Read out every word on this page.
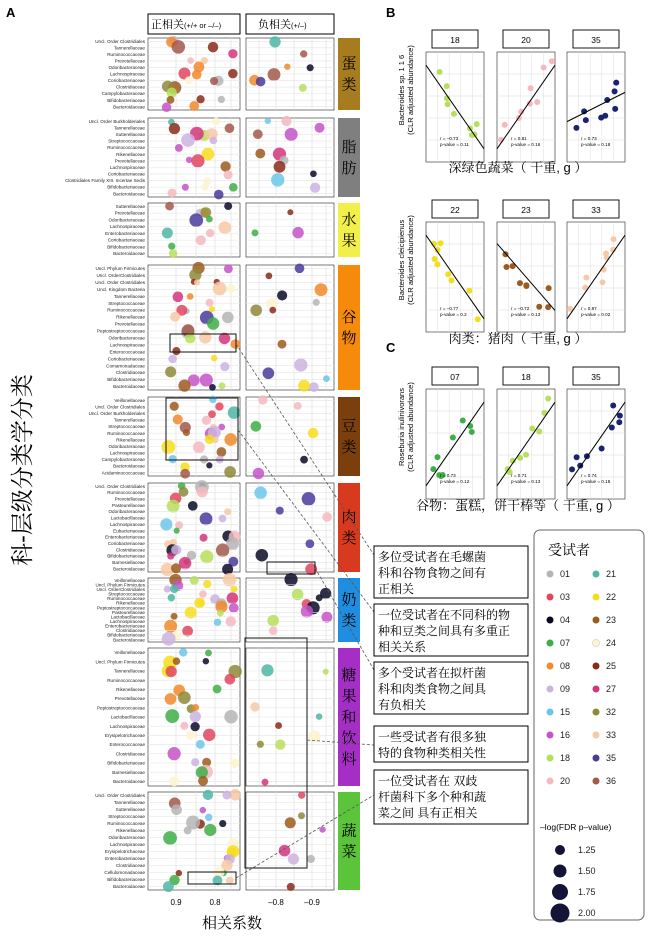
A	B
C
正相关(+/+ or –/–)	负相关(+/–)
科-层级分类学分类
Uncl. Order Clostridiales
Tannerellaceae
Ruminococcaceae
Prevotellaceae
Odoribacteraceae
Lachnospiraceae
Coriobacteriaceae
Clostridiaceae
Campylobacteraceae
Bifidobacteriaceae
Bacteroidaceae
蛋类
Uncl. Order Burkholderiales
Tannerellaceae
Sutterellaceae
Streptococcaceae
Ruminococcaceae
Rikenellaceae
Prevotellaceae
Lachnospiraceae
Coriobacteriaceae
Clostridiales Family XIII. Incertae Sedis
Bifidobacteriaceae
Bacteroidaceae
脂肪
Sutterellaceae
Prevotellaceae
Odoribacteraceae
Lachnospiraceae
Enterobacteriaceae
Coriobacteriaceae
Bifidobacteriaceae
Bacteroidaceae
水果
Uncl. Phylum Firmicutes
Uncl. OrderClostridiales
Uncl. Order Clostridiales
Uncl. Kingdom Bacteria
Tannerellaceae
Streptococcaceae
Ruminococcaceae
Rikenellaceae
Prevotellaceae
Peptostreptococcaceae
Odoribacteraceae
Lachnospiraceae
Enterococcaceae
Coriobacteriaceae
Comamonadaceae
Clostridiaceae
Bifidobacteriaceae
Bacteroidaceae
谷物
Veillonellaceae
Uncl. Order Clostridiales
Uncl. Order Burkholderiales
Tannerellaceae
Streptococcaceae
Ruminococcaceae
Rikenellaceae
Odoribacteraceae
Lachnospiraceae
Campylobacteraceae
Bacteroidaceae
Acidaminococcaceae
豆类
Uncl. Order Clostridiales
Ruminococcaceae
Prevotellaceae
Pasteurellaceae
Odoribacteraceae
Lactobacillaceae
Lachnospiraceae
Eubacteriaceae
Enterobacteriaceae
Coriobacteriaceae
Clostridiaceae
Bifidobacteriaceae
Barnesiellaceae
Bacteroidaceae
肉类
Veillonellaceae
Uncl. Phylum Firmicutes
Uncl. OrderClostridiales
Streptococcaceae
Ruminococcaceae
Rikenellaceae
Peptostreptococcaceae
Pasteurellaceae
Lactobacillaceae
Lachnospiraceae
Enterobacteriaceae
Clostridiaceae
Bifidobacteriaceae
Bacteroidaceae
奶类
Veillonellaceae
Uncl. Phylum Firmicutes
Tannerellaceae
Ruminococcaceae
Rikenellaceae
Prevotellaceae
Peptostreptococcaceae
Lactobacillaceae
Lachnospiraceae
Erysipelotrichaceae
Enterococcaceae
Clostridiaceae
Bifidobacteriaceae
Barnesiellaceae
Bacteroidaceae
糖果和饮料
Uncl. Order Clostridiales
Tannerellaceae
Sutterellaceae
Streptococcaceae
Ruminococcaceae
Rikenellaceae
Odoribacteraceae
Lachnospiraceae
Erysipelotrichaceae
Enterobacteriaceae
Clostridiaceae
Cellulomonadaceae
Bifidobacteriaceae
Bacteroidaceae
蔬菜
0.9	0.8	–0.8	–0.9
相关系数
多位受试者在毛螺菌科和谷物食物之间有正相关
一位受试者在不同科的物种和豆类之间具有多重正相关关系
多个受试者在拟杆菌科和肉类食物之间具有负相关
一些受试者有很多独特的食物种类相关性
一位受试者在 双歧杆菌科下多个种和蔬菜之间 具有正相关
Bacteroides sp. 1 1 6(CLR adjusted abundance)
18
r = –0.73
p-value = 0.11
20
r = 0.81
p-value = 0.16
35
r = 0.73
p-value = 0.18
深绿色蔬菜（ 干重, g ）
Bacteroides cleicipienus(CLR adjusted abundance)
22
r = –0.77
p-value = 0.2
23
r = –0.72
p-value = 0.13
33
r = 0.87
p-value = 0.02
肉类：猪肉（ 干重, g ）
Roseburia inulinivorans(CLR adjusted abundance)
07
r = 0.73
p-value = 0.12
18
r = 0.71
p-value = 0.13
35
r = 0.74
p-value = 0.18
谷物：蛋糕，饼干棒等（ 干重, g ）
受试者
01	21
03	22
04	23
07	24
08	25
09	27
15	32
16	33
18	35
20	36
–log(FDR p–value)
1.25
1.50
1.75
2.00
